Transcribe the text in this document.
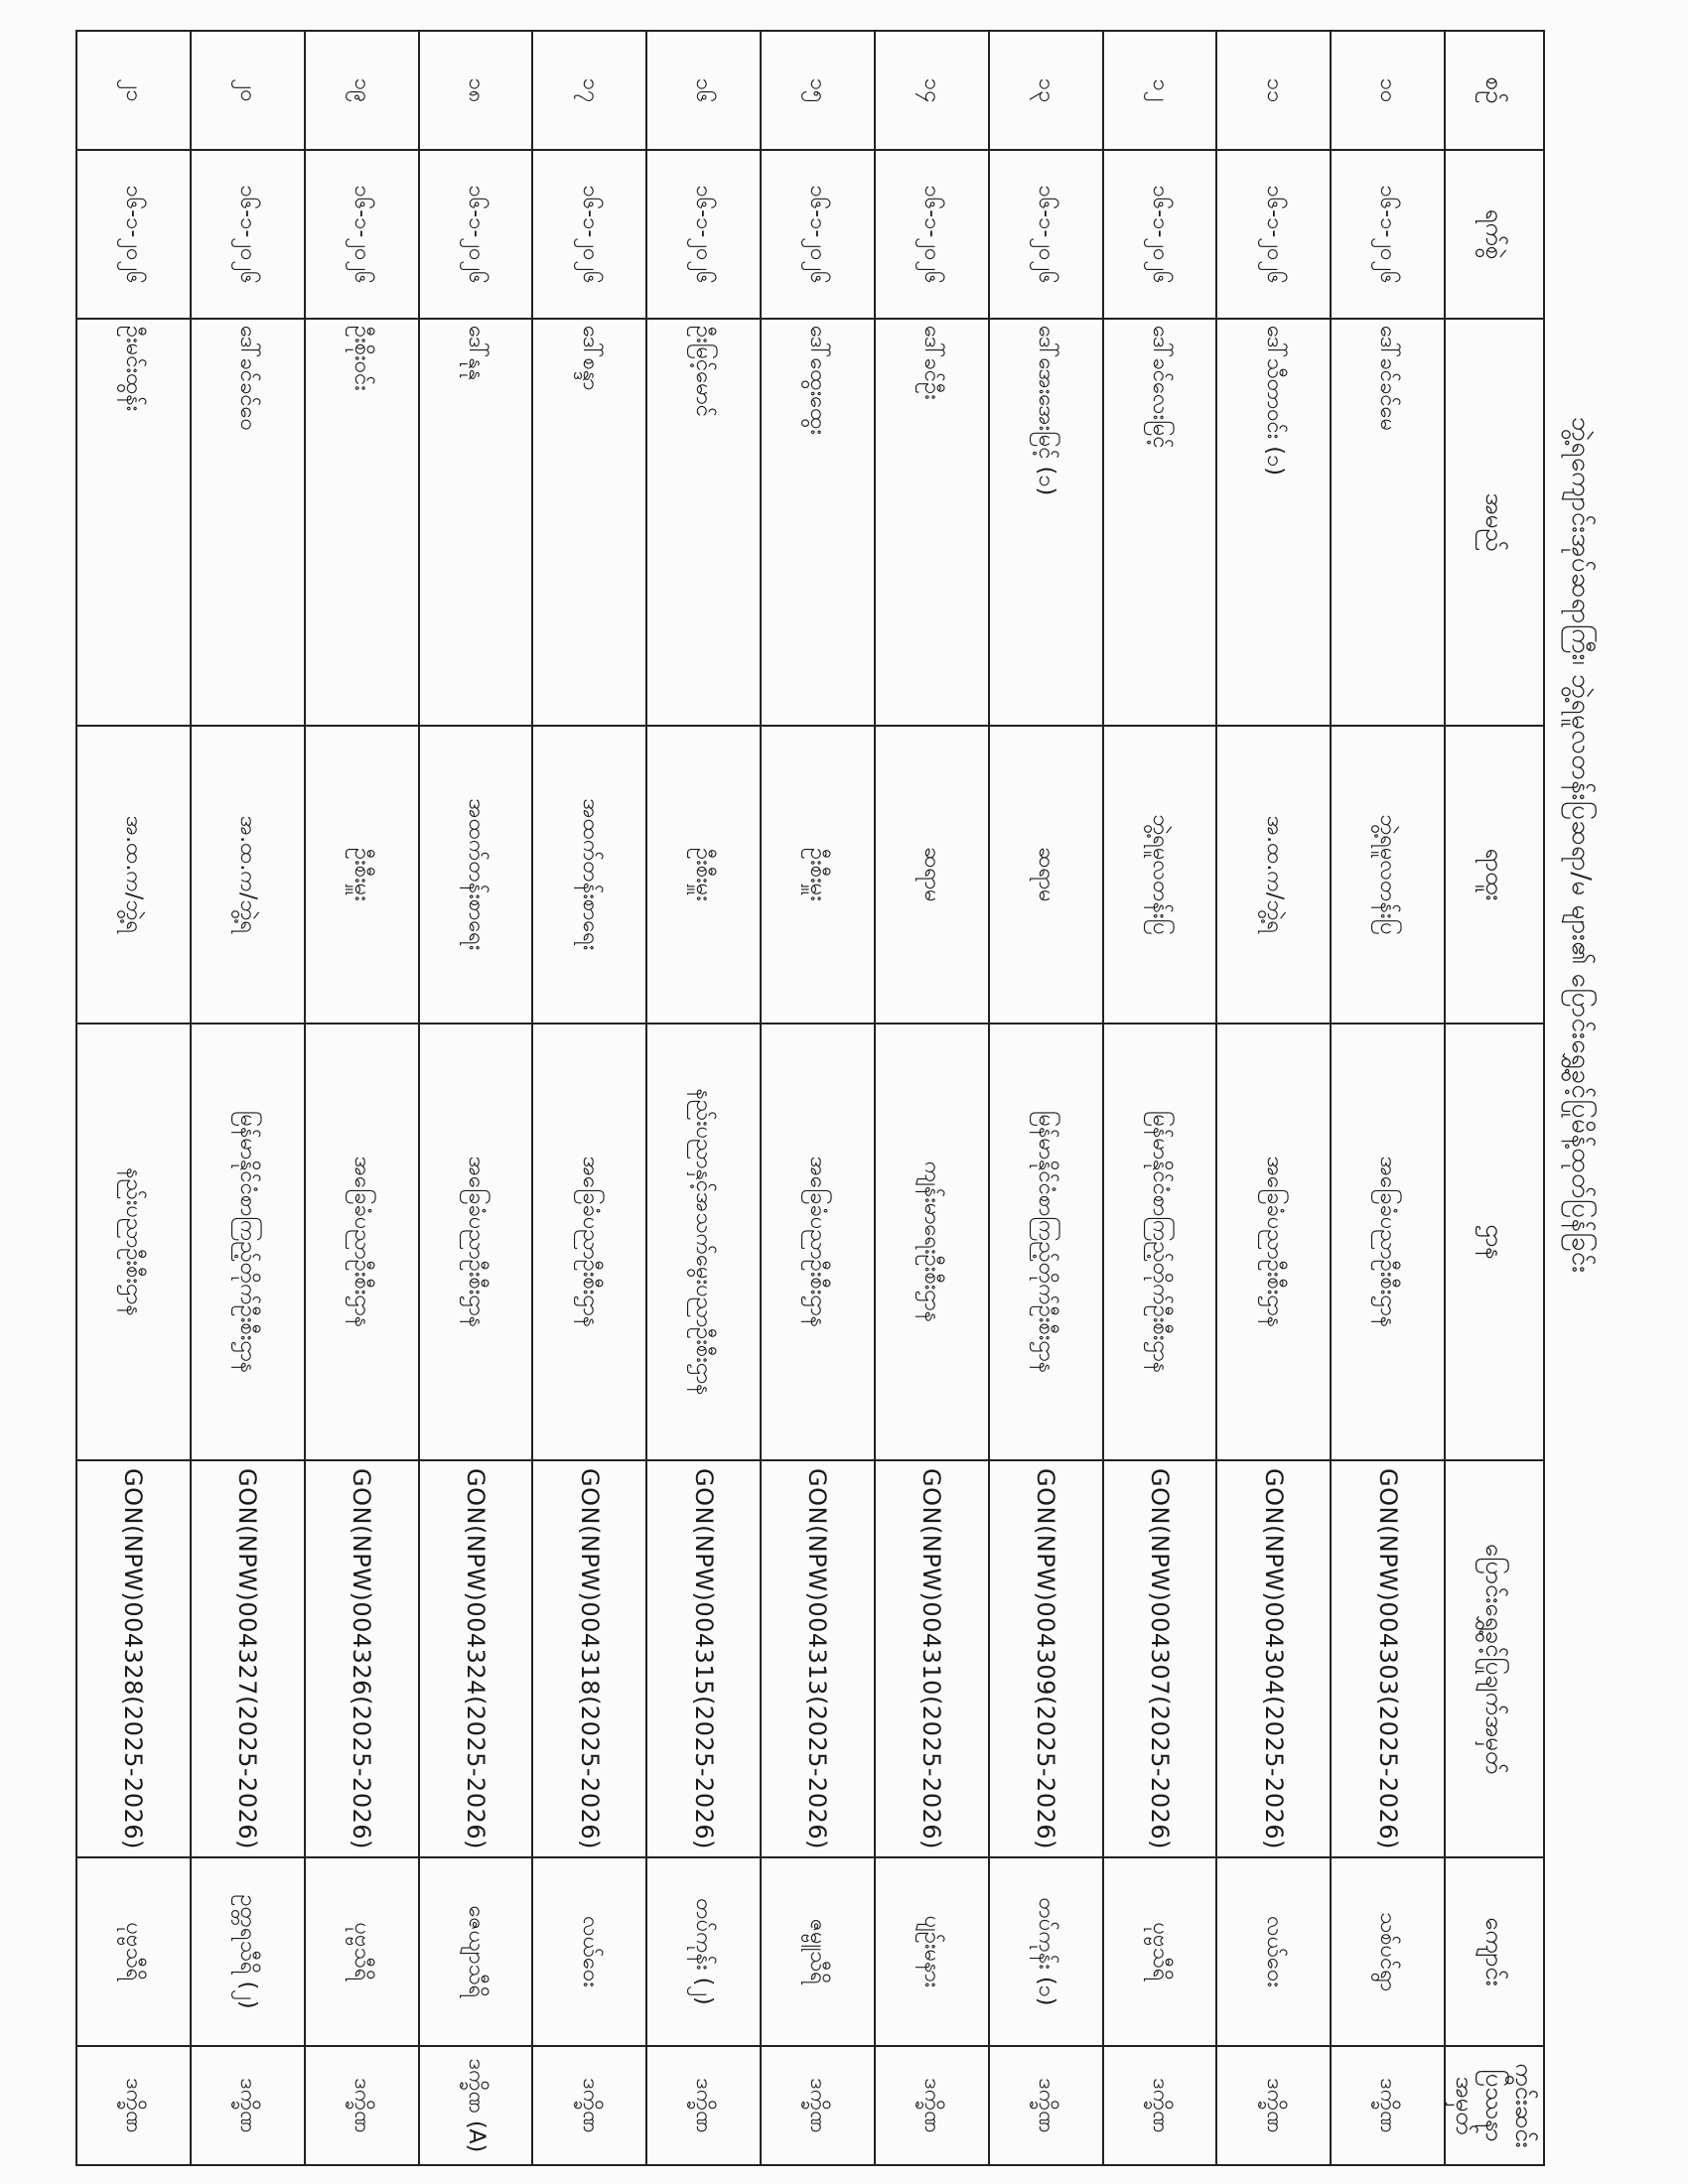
စဉ်	ရက်စွဲ	အမည်	ရာထူး	ဌာန	ပြောင်းရွှေ့ခွင့်ပြုချက်အမှတ်	ကျောင်း	ကွင်းဆင်းပြဿနာအမှတ်
၁၀	၁၆-၁-၂၀၂၆	ဒေါ်ခင်ခင်မေ	ဘွဲ့ရမူလတန်းပြ	အခြေခံပညာဦးစီးဌာန	GON(NPW)004303(2025-2026)	သစ်ပင်ရွာ	ဒက္ခိဏ
၁၁	၁၆-၁-၂၀၂၆	ဒေါ်သီတာဝင်း (၁)	အ.ထ.က/ဘွဲ့ရ	အခြေခံပညာဦးစီးဌာန	GON(NPW)004304(2025-2026)	လယ်ဝေး	ဒက္ခိဏ
၁၂	၁၆-၁-၂၀၂၆	ဒေါ်ခင်လေးမြင့်	ဘွဲ့ရမူလတန်းပြ	မြန်မာနိုင်ငံစာကြည့်တိုက်ဦးစီးဌာန	GON(NPW)004307(2025-2026)	ပုဗ္ဗသီရိ	ဒက္ခိဏ
၁၃	၁၆-၁-၂၀၂၆	ဒေါ်အေးအေးမြင့် (၁)	ဆရာမ	မြန်မာနိုင်ငံစာကြည့်တိုက်ဦးစီးဌာန	GON(NPW)004309(2025-2026)	တပ်ကုန်း (၁)	ဒက္ခိဏ
၁၄	၁၆-၁-၂၀၂၆	ဒေါ်ခင်ဦး	ဆရာမ	ကျန်းမာရေးဦးစီးဌာန	GON(NPW)004310(2025-2026)	ပျဉ်းမနား	ဒက္ခိဏ
၁၅	၁၆-၁-၂၀၂၆	ဒေါ်ထွေးထွေး	ဦးစီးမှူး	အခြေခံပညာဦးစီးဌာန	GON(NPW)004313(2025-2026)	ဇမ္ဗူသီရိ	ဒက္ခိဏ
၁၆	၁၆-၁-၂၀၂၆	ဦးမြင့်မောင်	ဦးစီးမှူး	နည်းပညာနှင့်အသက်မွေးပညာဦးစီးဌာန	GON(NPW)004315(2025-2026)	တပ်ကုန်း (၂)	ဒက္ခိဏ
၁၇	၁၆-၁-၂၀၂၆	ဒေါ်စန္ဒာ	အထက်တန်းစာရေး	အခြေခံပညာဦးစီးဌာန	GON(NPW)004318(2025-2026)	လယ်ဝေး	ဒက္ခိဏ
၁၈	၁၆-၁-၂၀၂၆	ဒေါ်နုနု	အထက်တန်းစာရေး	အခြေခံပညာဦးစီးဌာန	GON(NPW)004324(2025-2026)	ဇေယျာသီရိ	ဒက္ခိဏ (A)
၁၉	၁၆-၁-၂၀၂၆	ဦးစိုးဝင်း	ဦးစီးမှူး	အခြေခံပညာဦးစီးဌာန	GON(NPW)004326(2025-2026)	ပုဗ္ဗသီရိ	ဒက္ခိဏ
၂၀	၁၆-၁-၂၀၂၆	ဒေါ်ခင်ခင်ဝေ	အ.ထ.က/ဘွဲ့ရ	မြန်မာနိုင်ငံစာကြည့်တိုက်ဦးစီးဌာန	GON(NPW)004327(2025-2026)	ဥတ္တရသီရိ (၂)	ဒက္ခိဏ
၂၁	၁၆-၁-၂၀၂၆	ဦးမင်းထွန်း	အ.ထ.က/ဘွဲ့ရ	နည်းပညာဦးစီးဌာန	GON(NPW)004328(2025-2026)	ပုဗ္ဗသီရိ	ဒက္ခိဏ
ဘွဲ့ရကျောင်းအုပ်ဆရာကြီး၊ ဘွဲ့ရမူလတန်းပြဆရာ/မ များ၏ ပြောင်းရွှေ့ခွင့်ပြုမိန့်ထုတ်ပြန်ခြင်း
